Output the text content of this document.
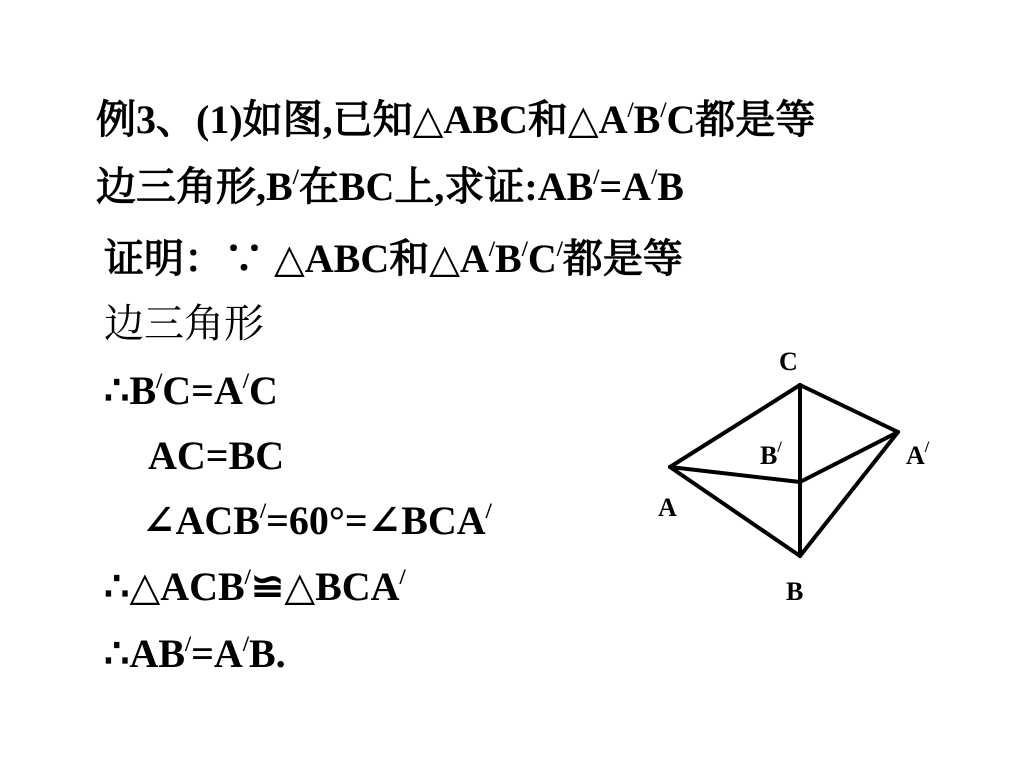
例3、(1)如图,已知△ABC和△A/B/C都是等
边三角形,B/在BC上,求证:AB/=A/B
证明：∵ △ABC和△A/B/C/都是等
边三角形
∴B/C=A/C
AC=BC
∠ACB/=60°=∠BCA/
∴△ACB/≌△BCA/
∴AB/=A/B.
C
B/	A/
A
B
